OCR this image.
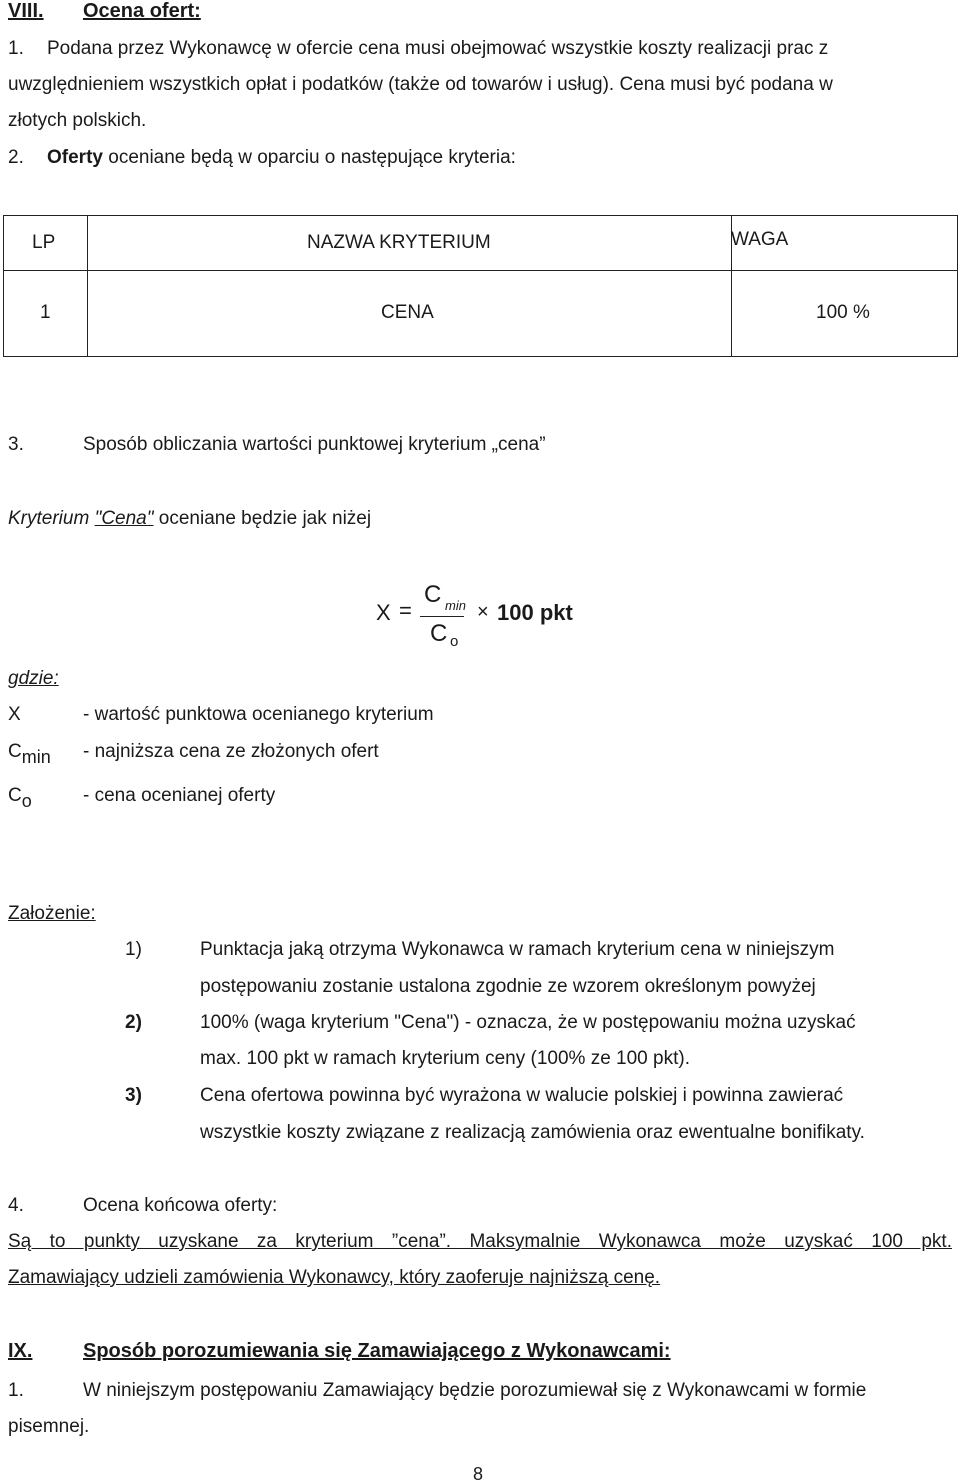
VIII. Ocena ofert:
1. Podana przez Wykonawcę w ofercie cena musi obejmować wszystkie koszty realizacji prac z
uwzględnieniem wszystkich opłat i podatków (także od towarów i usług). Cena musi być podana w
złotych polskich.
2. Oferty oceniane będą w oparciu o następujące kryteria:
LP	NAZWA KRYTERIUM	WAGA
1	CENA	100 %
3.	Sposób obliczania wartości punktowej kryterium „cena”
Kryterium "Cena" oceniane będzie jak niżej
X =
C min
C o
× 100 pkt
gdzie:
X	- wartość punktowa ocenianego kryterium
Cmin - najniższa cena ze złożonych ofert
Co	- cena ocenianej oferty
Założenie:
1)	Punktacja jaką otrzyma Wykonawca w ramach kryterium cena w niniejszym
postępowaniu zostanie ustalona zgodnie ze wzorem określonym powyżej
2)	100% (waga kryterium "Cena") - oznacza, że w postępowaniu można uzyskać
max. 100 pkt w ramach kryterium ceny (100% ze 100 pkt).
3)	Cena ofertowa powinna być wyrażona w walucie polskiej i powinna zawierać
wszystkie koszty związane z realizacją zamówienia oraz ewentualne bonifikaty.
4.	Ocena końcowa oferty:
Są to punkty uzyskane za kryterium ”cena”. Maksymalnie Wykonawca może uzyskać 100 pkt.
Zamawiający udzieli zamówienia Wykonawcy, który zaoferuje najniższą cenę.
IX.	Sposób porozumiewania się Zamawiającego z Wykonawcami:
1.	W niniejszym postępowaniu Zamawiający będzie porozumiewał się z Wykonawcami w formie
pisemnej.
8
